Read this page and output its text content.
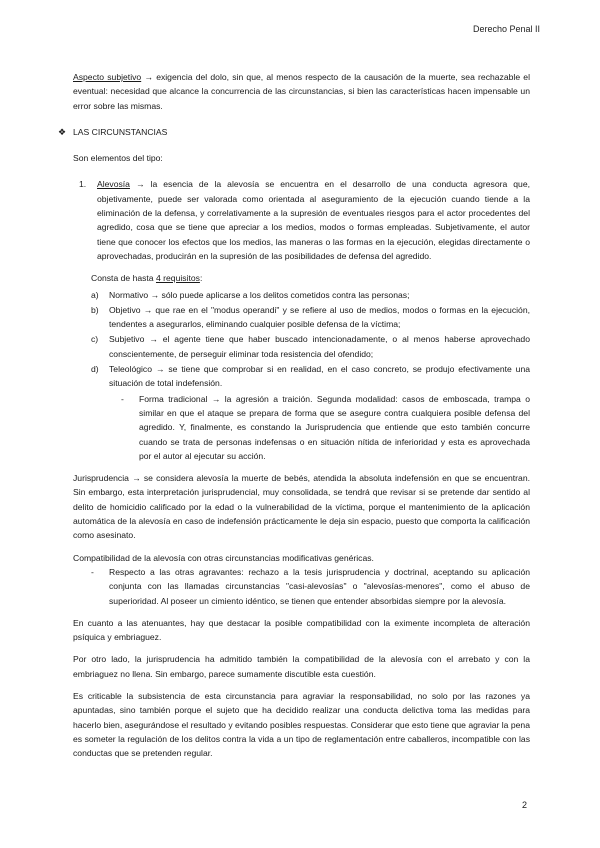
Derecho Penal II

Aspecto subjetivo → exigencia del dolo, sin que, al menos respecto de la causación de la muerte, sea rechazable el eventual: necesidad que alcance la concurrencia de las circunstancias, si bien las características hacen impensable un error sobre las mismas.

❖ LAS CIRCUNSTANCIAS

Son elementos del tipo:

1.	Alevosía → la esencia de la alevosía se encuentra en el desarrollo de una conducta agresora que, objetivamente, puede ser valorada como orientada al aseguramiento de la ejecución cuando tiende a la eliminación de la defensa, y correlativamente a la supresión de eventuales riesgos para el actor procedentes del agredido, cosa que se tiene que apreciar a los medios, modos o formas empleadas. Subjetivamente, el autor tiene que conocer los efectos que los medios, las maneras o las formas en la ejecución, elegidas directamente o aprovechadas, producirán en la supresión de las posibilidades de defensa del agredido.

Consta de hasta 4 requisitos:

a)	Normativo → sólo puede aplicarse a los delitos cometidos contra las personas;

b)	Objetivo → que rae en el "modus operandi" y se refiere al uso de medios, modos o formas en la ejecución, tendentes a asegurarlos, eliminando cualquier posible defensa de la víctima;

c)	Subjetivo → el agente tiene que haber buscado intencionadamente, o al menos haberse aprovechado conscientemente, de perseguir eliminar toda resistencia del ofendido;

d)	Teleológico → se tiene que comprobar si en realidad, en el caso concreto, se produjo efectivamente una situación de total indefensión.

-	Forma tradicional → la agresión a traición. Segunda modalidad: casos de emboscada, trampa o similar en que el ataque se prepara de forma que se asegure contra cualquiera posible defensa del agredido. Y, finalmente, es constando la Jurisprudencia que entiende que esto también concurre cuando se trata de personas indefensas o en situación nítida de inferioridad y esta es aprovechada por el autor al ejecutar su acción.

Jurisprudencia → se considera alevosía la muerte de bebés, atendida la absoluta indefensión en que se encuentran. Sin embargo, esta interpretación jurisprudencial, muy consolidada, se tendrá que revisar si se pretende dar sentido al delito de homicidio calificado por la edad o la vulnerabilidad de la víctima, porque el mantenimiento de la aplicación automática de la alevosía en caso de indefensión prácticamente le deja sin espacio, puesto que comporta la calificación como asesinato.

Compatibilidad de la alevosía con otras circunstancias modificativas genéricas.

-	Respecto a las otras agravantes: rechazo a la tesis jurisprudencia y doctrinal, aceptando su aplicación conjunta con las llamadas circunstancias "casi-alevosías" o "alevosías-menores", como el abuso de superioridad. Al poseer un cimiento idéntico, se tienen que entender absorbidas siempre por la alevosía.

En cuanto a las atenuantes, hay que destacar la posible compatibilidad con la eximente incompleta de alteración psíquica y embriaguez.

Por otro lado, la jurisprudencia ha admitido también la compatibilidad de la alevosía con el arrebato y con la embriaguez no llena. Sin embargo, parece sumamente discutible esta cuestión.

Es criticable la subsistencia de esta circunstancia para agraviar la responsabilidad, no solo por las razones ya apuntadas, sino también porque el sujeto que ha decidido realizar una conducta delictiva toma las medidas para hacerlo bien, asegurándose el resultado y evitando posibles respuestas. Considerar que esto tiene que agraviar la pena es someter la regulación de los delitos contra la vida a un tipo de reglamentación entre caballeros, incompatible con las conductas que se pretenden regular.

2
